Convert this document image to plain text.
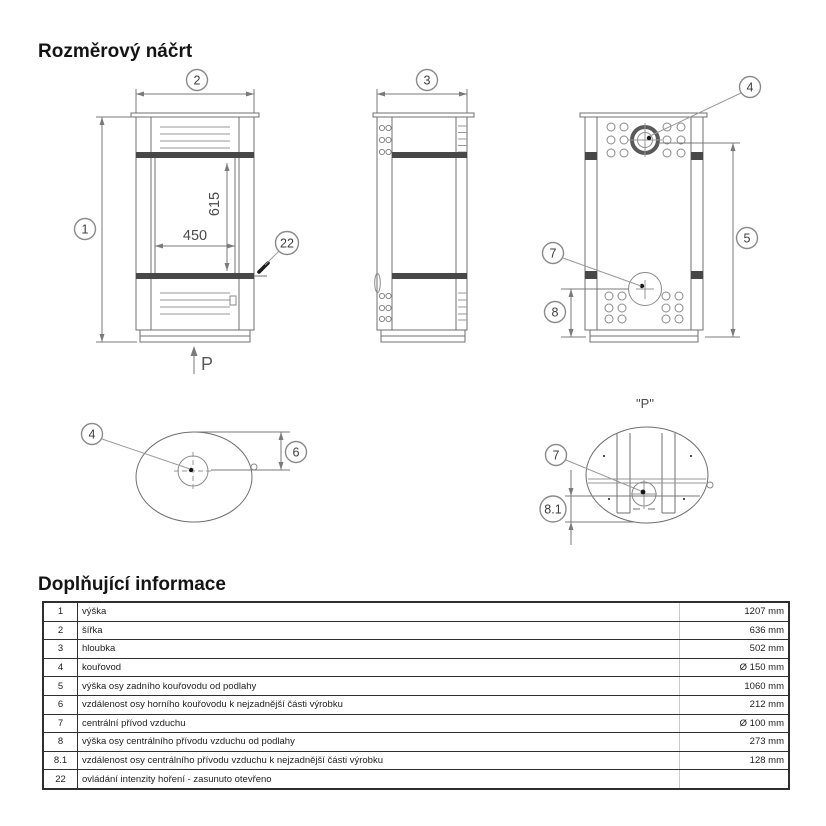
Rozměrový náčrt
615
450
2
1
22
P
3	4
5
7
8
4
6
"P"
7
8.1
Doplňující informace
1	výška	1207 mm
2	šířka	636 mm
3	hloubka	502 mm
4	kouřovod	Ø 150 mm
5	výška osy zadního kouřovodu od podlahy	1060 mm
6	vzdálenost osy horního kouřovodu k nejzadnější části výrobku	212 mm
7	centrální přívod vzduchu	Ø 100 mm
8	výška osy centrálního přívodu vzduchu od podlahy	273 mm
8.1	vzdálenost osy centrálního přívodu vzduchu k nejzadnější části výrobku	128 mm
22	ovládání intenzity hoření - zasunuto otevřeno	
